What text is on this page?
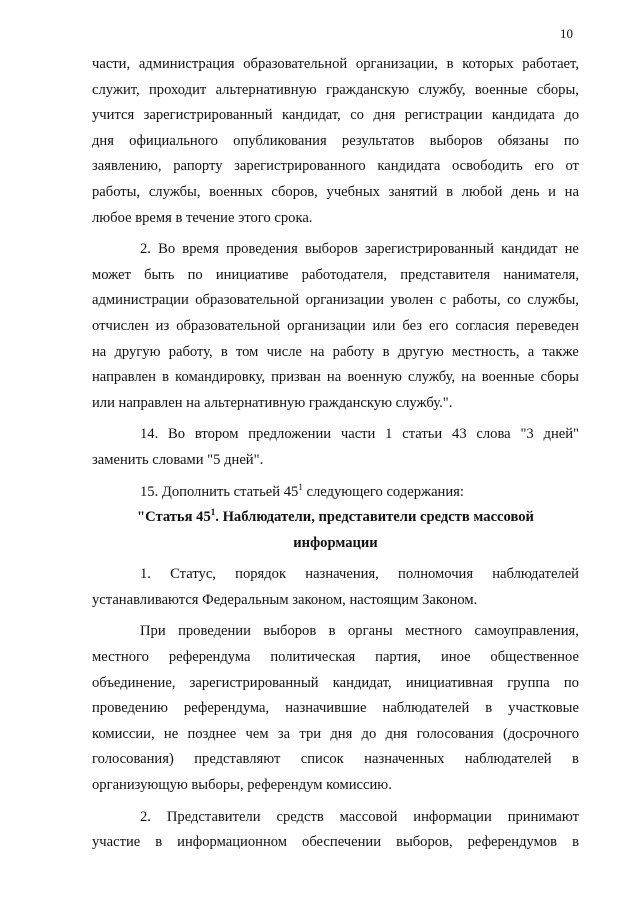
10
части, администрация образовательной организации, в которых работает,
служит, проходит альтернативную гражданскую службу, военные сборы,
учится зарегистрированный кандидат, со дня регистрации кандидата до
дня официального опубликования результатов выборов обязаны по
заявлению, рапорту зарегистрированного кандидата освободить его от
работы, службы, военных сборов, учебных занятий в любой день и на
любое время в течение этого срока.
2. Во время проведения выборов зарегистрированный кандидат не
может быть по инициативе работодателя, представителя нанимателя,
администрации образовательной организации уволен с работы, со службы,
отчислен из образовательной организации или без его согласия переведен
на другую работу, в том числе на работу в другую местность, а также
направлен в командировку, призван на военную службу, на военные сборы
или направлен на альтернативную гражданскую службу.".
14. Во втором предложении части 1 статьи 43 слова "3 дней"
заменить словами "5 дней".
15. Дополнить статьей $45^1$ следующего содержания:
"Статья $45^1$. Наблюдатели, представители средств массовой
информации
1. Статус, порядок назначения, полномочия наблюдателей
устанавливаются Федеральным законом, настоящим Законом.
При проведении выборов в органы местного самоуправления,
местного референдума политическая партия, иное общественное
объединение, зарегистрированный кандидат, инициативная группа по
проведению референдума, назначившие наблюдателей в участковые
комиссии, не позднее чем за три дня до дня голосования (досрочного
голосования) представляют список назначенных наблюдателей в
организующую выборы, референдум комиссию.
2. Представители средств массовой информации принимают
участие в информационном обеспечении выборов, референдумов в
